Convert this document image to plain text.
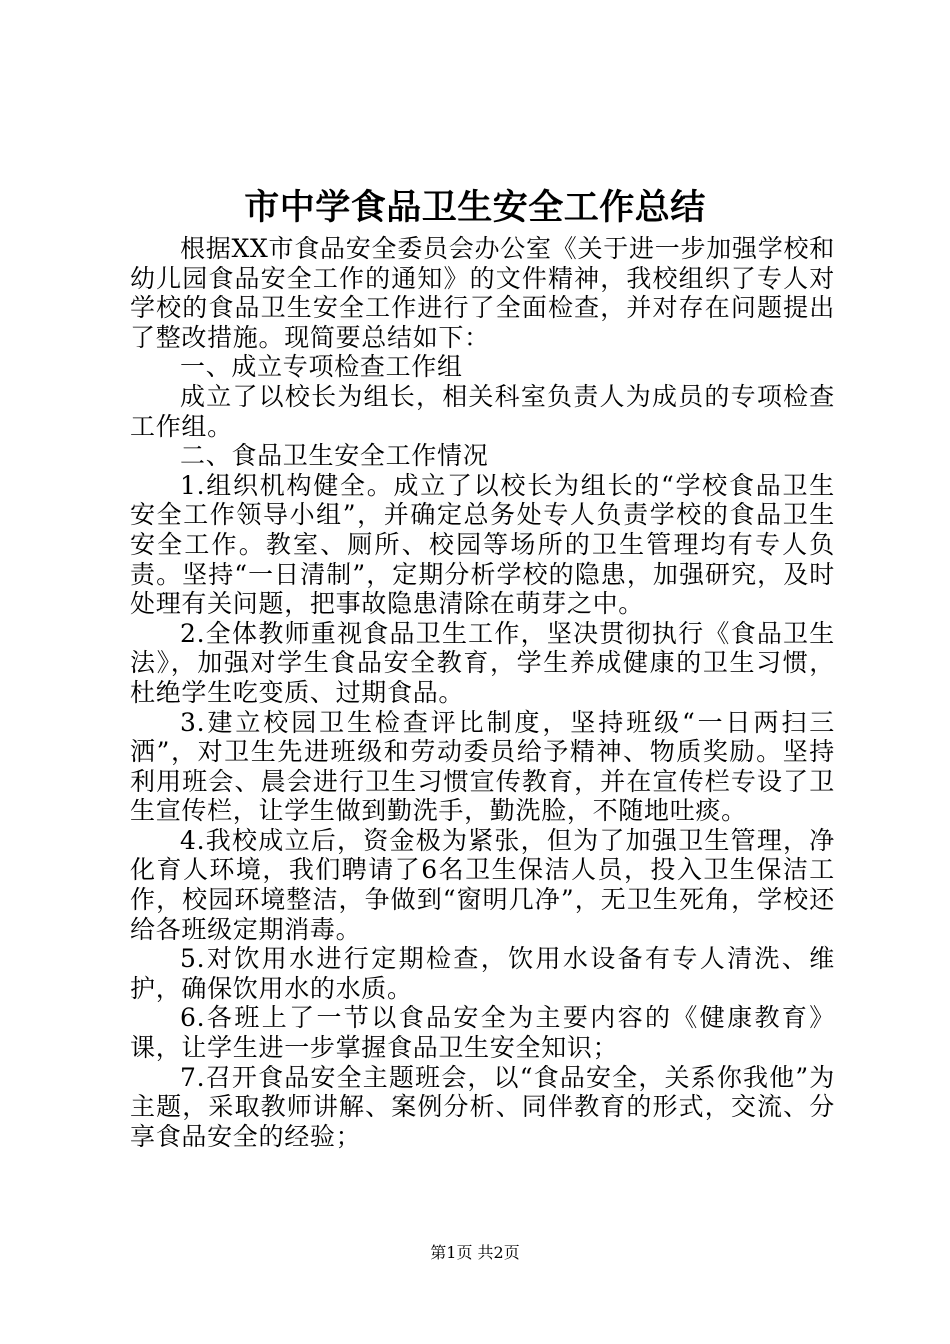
市中学食品卫生安全工作总结

根据XX市食品安全委员会办公室《关于进一步加强学校和幼儿园食品安全工作的通知》的文件精神，我校组织了专人对学校的食品卫生安全工作进行了全面检查，并对存在问题提出了整改措施。现简要总结如下：

一、成立专项检查工作组

成立了以校长为组长，相关科室负责人为成员的专项检查工作组。

二、食品卫生安全工作情况

1.组织机构健全。成立了以校长为组长的“学校食品卫生安全工作领导小组”，并确定总务处专人负责学校的食品卫生安全工作。教室、厕所、校园等场所的卫生管理均有专人负责。坚持“一日清制”，定期分析学校的隐患，加强研究，及时处理有关问题，把事故隐患清除在萌芽之中。

2.全体教师重视食品卫生工作，坚决贯彻执行《食品卫生法》，加强对学生食品安全教育，学生养成健康的卫生习惯，杜绝学生吃变质、过期食品。

3.建立校园卫生检查评比制度，坚持班级“一日两扫三洒”，对卫生先进班级和劳动委员给予精神、物质奖励。坚持利用班会、晨会进行卫生习惯宣传教育，并在宣传栏专设了卫生宣传栏，让学生做到勤洗手，勤洗脸，不随地吐痰。

4.我校成立后，资金极为紧张，但为了加强卫生管理，净化育人环境，我们聘请了6名卫生保洁人员，投入卫生保洁工作，校园环境整洁，争做到“窗明几净”，无卫生死角，学校还给各班级定期消毒。

5.对饮用水进行定期检查，饮用水设备有专人清洗、维护，确保饮用水的水质。

6.各班上了一节以食品安全为主要内容的《健康教育》课，让学生进一步掌握食品卫生安全知识；

7.召开食品安全主题班会，以“食品安全，关系你我他”为主题，采取教师讲解、案例分析、同伴教育的形式，交流、分享食品安全的经验；

第1页 共2页
